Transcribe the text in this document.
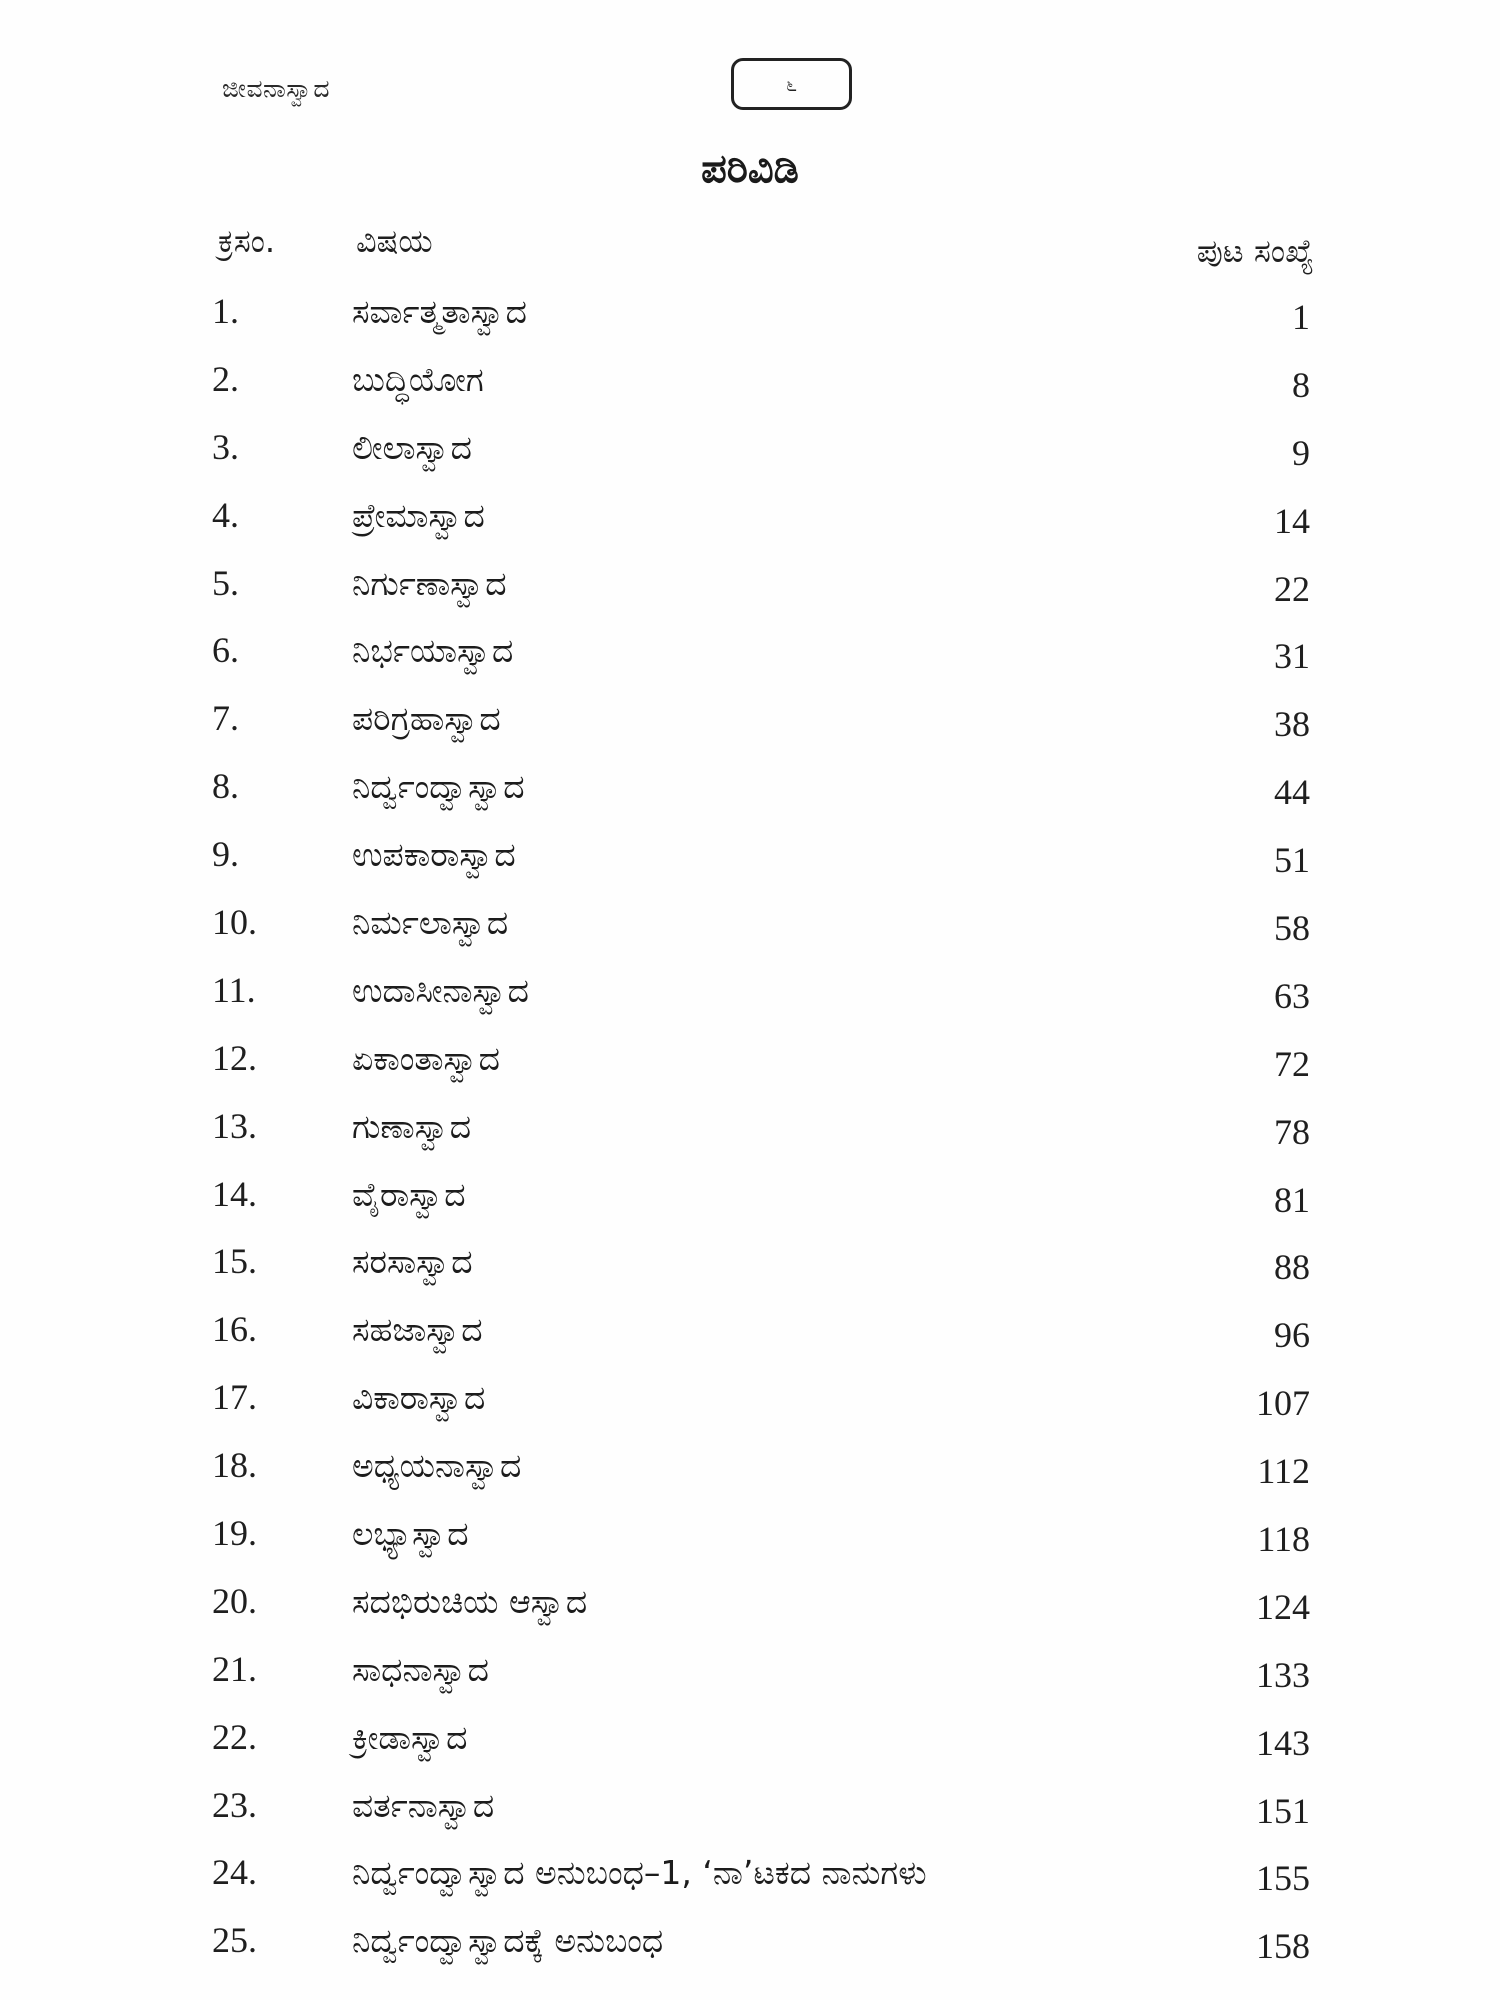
ಜೀವನಾಸ್ವಾದ	೬
ಪರಿವಿಡಿ
ಕ್ರಸಂ.	ವಿಷಯ	ಪುಟ ಸಂಖ್ಯೆ
1.	ಸರ್ವಾತ್ಮತಾಸ್ವಾದ	1
2.	ಬುದ್ಧಿಯೋಗ	8
3.	ಲೀಲಾಸ್ವಾದ	9
4.	ಪ್ರೇಮಾಸ್ವಾದ	14
5.	ನಿರ್ಗುಣಾಸ್ವಾದ	22
6.	ನಿರ್ಭಯಾಸ್ವಾದ	31
7.	ಪರಿಗ್ರಹಾಸ್ವಾದ	38
8.	ನಿರ್ದ್ವಂದ್ವಾಸ್ವಾದ	44
9.	ಉಪಕಾರಾಸ್ವಾದ	51
10.	ನಿರ್ಮಲಾಸ್ವಾದ	58
11.	ಉದಾಸೀನಾಸ್ವಾದ	63
12.	ಏಕಾಂತಾಸ್ವಾದ	72
13.	ಗುಣಾಸ್ವಾದ	78
14.	ವೈರಾಸ್ವಾದ	81
15.	ಸರಸಾಸ್ವಾದ	88
16.	ಸಹಜಾಸ್ವಾದ	96
17.	ವಿಕಾರಾಸ್ವಾದ	107
18.	ಅಧ್ಯಯನಾಸ್ವಾದ	112
19.	ಲಭ್ಯಾಸ್ವಾದ	118
20.	ಸದಭಿರುಚಿಯ ಆಸ್ವಾದ	124
21.	ಸಾಧನಾಸ್ವಾದ	133
22.	ಕ್ರೀಡಾಸ್ವಾದ	143
23.	ವರ್ತನಾಸ್ವಾದ	151
24.	ನಿರ್ದ್ವಂದ್ವಾಸ್ವಾದ ಅನುಬಂಧ–1, ‘ನಾ’ಟಕದ ನಾನುಗಳು	155
25.	ನಿರ್ದ್ವಂದ್ವಾಸ್ವಾದಕ್ಕೆ ಅನುಬಂಧ	158
